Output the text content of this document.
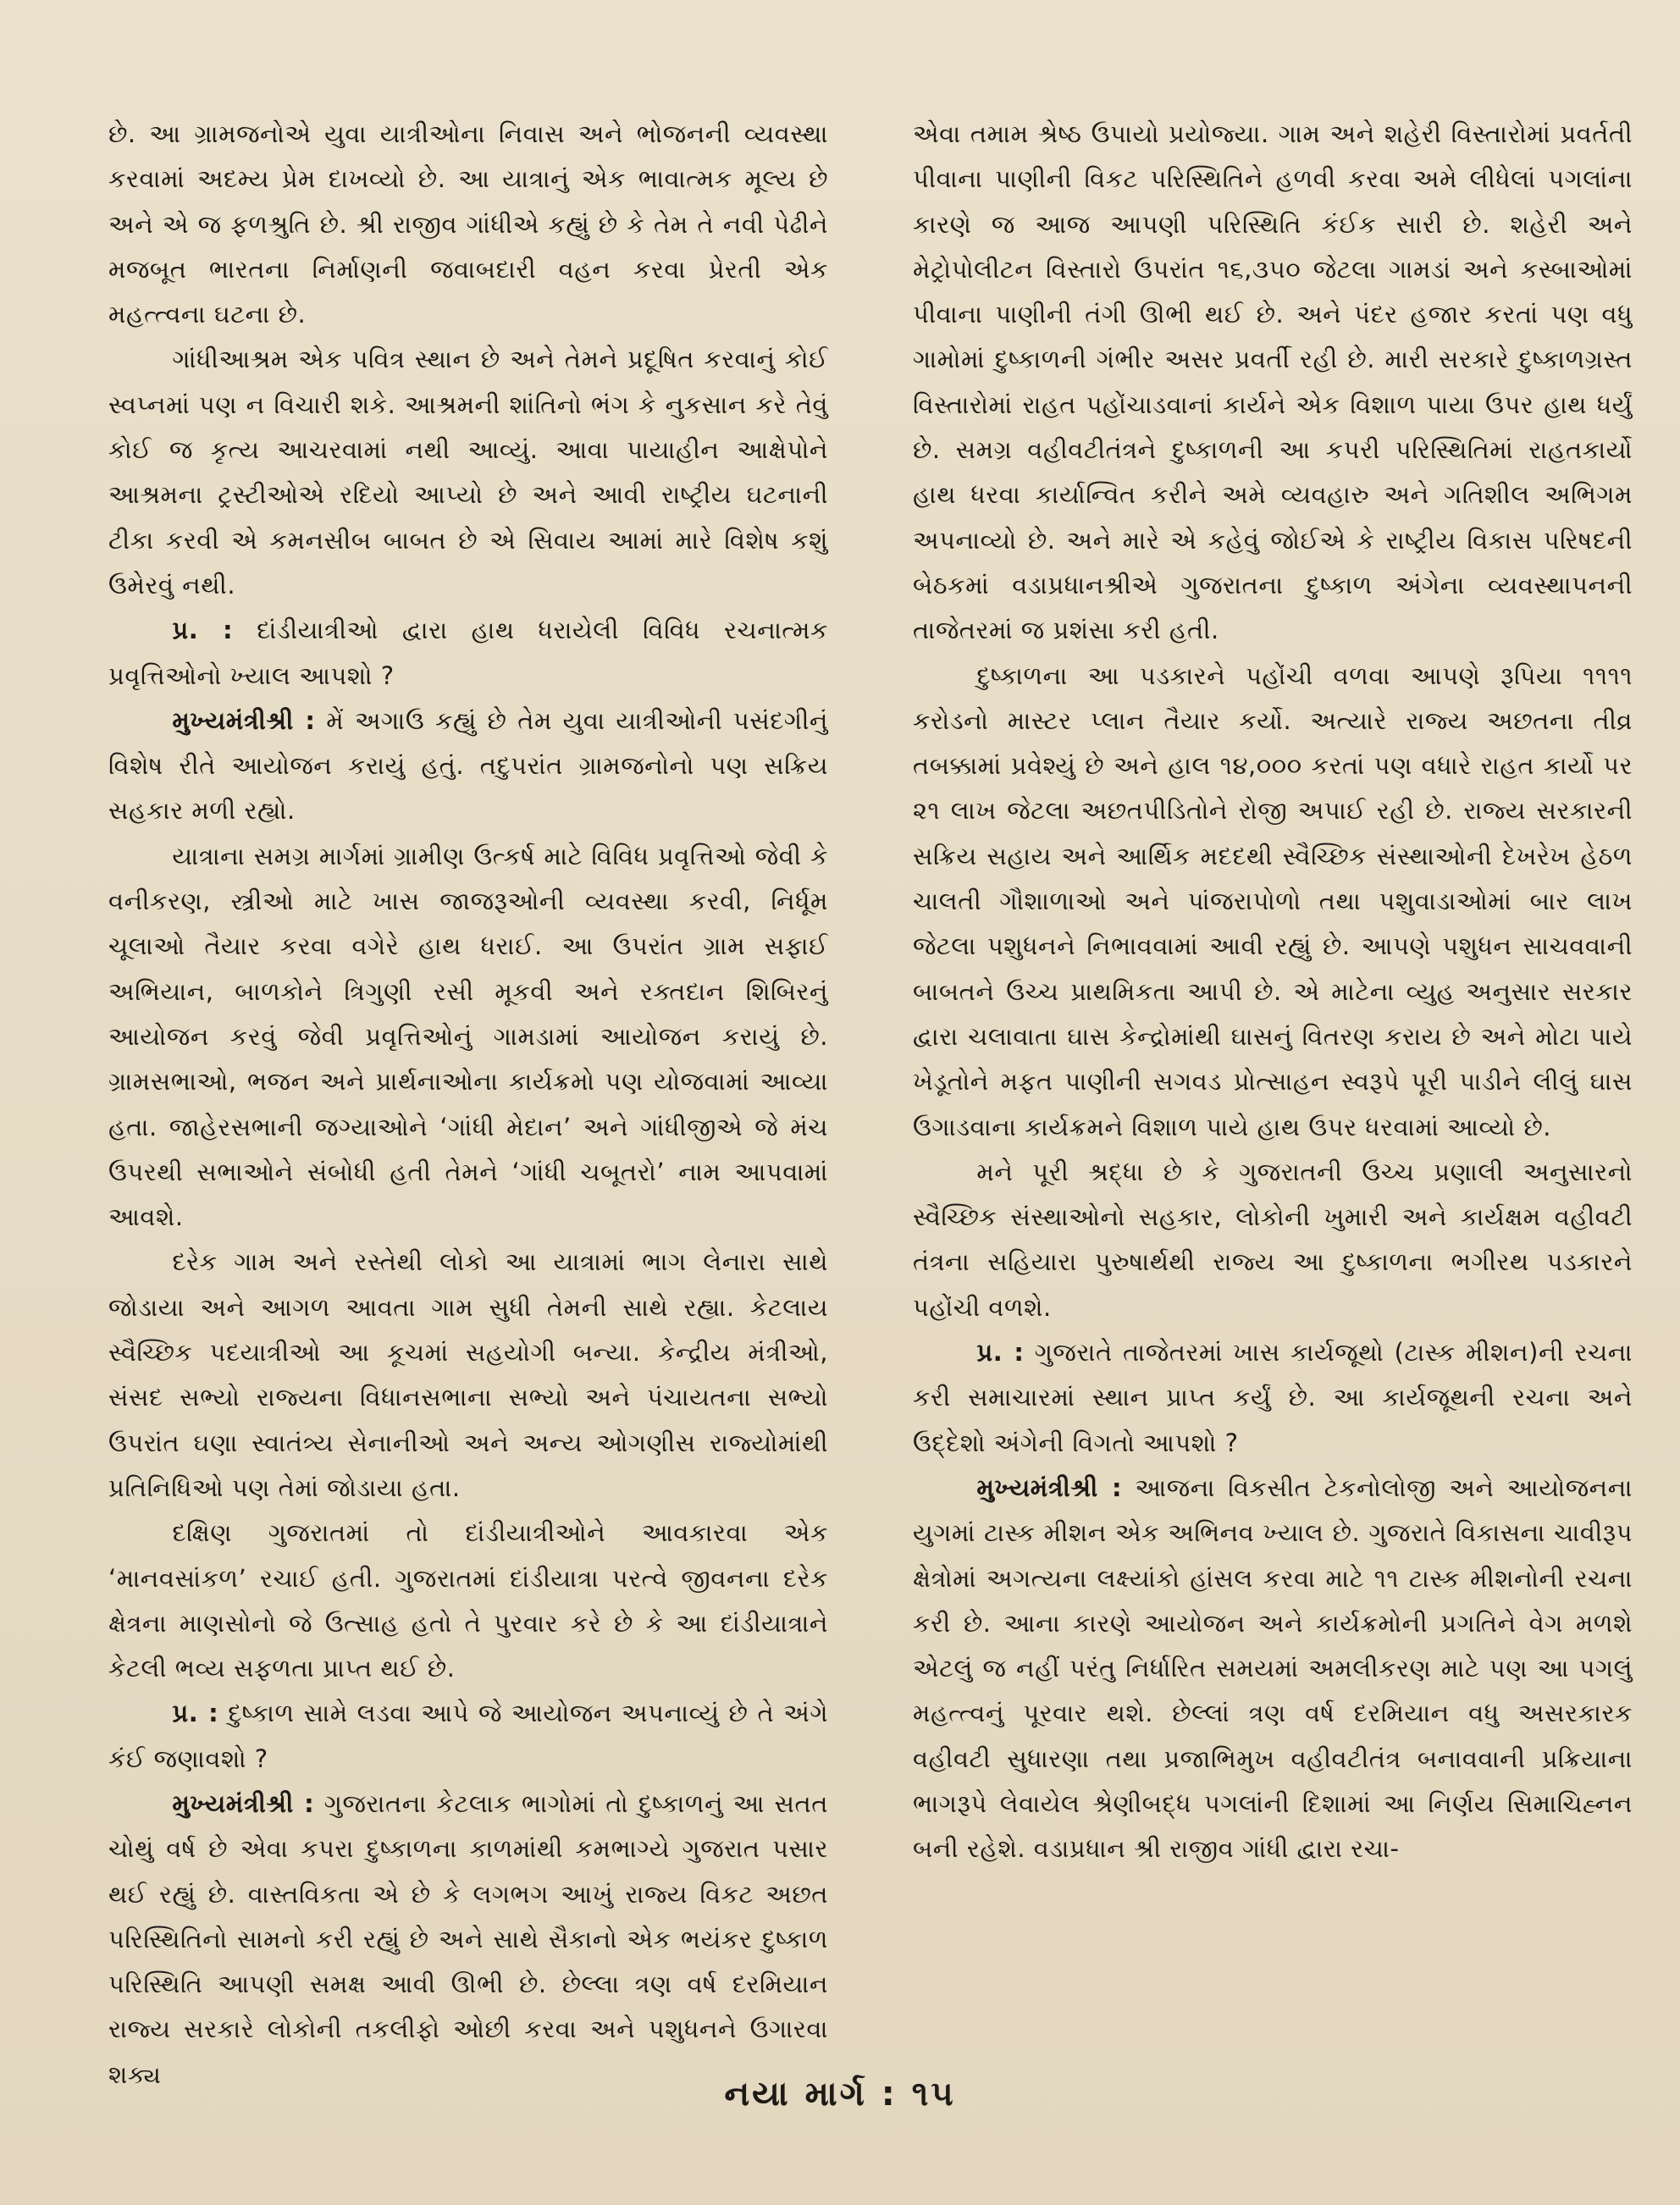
છે. આ ગ્રામજનોએ યુવા યાત્રીઓના નિવાસ અને ભોજનની વ્યવસ્થા કરવામાં અદમ્ય પ્રેમ દાખવ્યો છે. આ યાત્રાનું એક ભાવાત્મક મૂલ્ય છે અને એ જ ફળશ્રુતિ છે. શ્રી રાજીવ ગાંધીએ કહ્યું છે કે તેમ તે નવી પેઢીને મજબૂત ભારતના નિર્માણની જવાબદારી વહન કરવા પ્રેરતી એક મહત્ત્વના ઘટના છે.

ગાંધીઆશ્રમ એક પવિત્ર સ્થાન છે અને તેમને પ્રદૂષિત કરવાનું કોઈ સ્વપ્નમાં પણ ન વિચારી શકે. આશ્રમની શાંતિનો ભંગ કે નુકસાન કરે તેવું કોઈ જ કૃત્ય આચરવામાં નથી આવ્યું. આવા પાયાહીન આક્ષેપોને આશ્રમના ટ્રસ્ટીઓએ રદિયો આપ્યો છે અને આવી રાષ્ટ્રીય ઘટનાની ટીકા કરવી એ કમનસીબ બાબત છે એ સિવાય આમાં મારે વિશેષ કશું ઉમેરવું નથી.

પ્ર. : દાંડીયાત્રીઓ દ્વારા હાથ ધરાયેલી વિવિધ રચનાત્મક પ્રવૃત્તિઓનો ખ્યાલ આપશો ?

મુખ્યમંત્રીશ્રી : મેં અગાઉ કહ્યું છે તેમ યુવા યાત્રીઓની પસંદગીનું વિશેષ રીતે આયોજન કરાયું હતું. તદુપરાંત ગ્રામજનોનો પણ સક્રિય સહકાર મળી રહ્યો.

યાત્રાના સમગ્ર માર્ગમાં ગ્રામીણ ઉત્કર્ષ માટે વિવિધ પ્રવૃત્તિઓ જેવી કે વનીકરણ, સ્ત્રીઓ માટે ખાસ જાજરૂઓની વ્યવસ્થા કરવી, નિર્ધૂમ ચૂલાઓ તૈયાર કરવા વગેરે હાથ ધરાઈ. આ ઉપરાંત ગ્રામ સફાઈ અભિયાન, બાળકોને ત્રિગુણી રસી મૂકવી અને રક્તદાન શિબિરનું આયોજન કરવું જેવી પ્રવૃત્તિઓનું ગામડામાં આયોજન કરાયું છે. ગ્રામસભાઓ, ભજન અને પ્રાર્થનાઓના કાર્યક્રમો પણ યોજવામાં આવ્યા હતા. જાહેરસભાની જગ્યાઓને ‘ગાંધી મેદાન’ અને ગાંધીજીએ જે મંચ ઉપરથી સભાઓને સંબોધી હતી તેમને ‘ગાંધી ચબૂતરો’ નામ આપવામાં આવશે.

દરેક ગામ અને રસ્તેથી લોકો આ યાત્રામાં ભાગ લેનારા સાથે જોડાયા અને આગળ આવતા ગામ સુધી તેમની સાથે રહ્યા. કેટલાય સ્વૈચ્છિક પદયાત્રીઓ આ કૂચમાં સહયોગી બન્યા. કેન્દ્રીય મંત્રીઓ, સંસદ સભ્યો રાજ્યના વિધાનસભાના સભ્યો અને પંચાયતના સભ્યો ઉપરાંત ઘણા સ્વાતંત્ર્ય સેનાનીઓ અને અન્ય ઓગણીસ રાજ્યોમાંથી પ્રતિનિધિઓ પણ તેમાં જોડાયા હતા.

દક્ષિણ ગુજરાતમાં તો દાંડીયાત્રીઓને આવકારવા એક ‘માનવસાંકળ’ રચાઈ હતી. ગુજરાતમાં દાંડીયાત્રા પરત્વે જીવનના દરેક ક્ષેત્રના માણસોનો જે ઉત્સાહ હતો તે પુરવાર કરે છે કે આ દાંડીયાત્રાને કેટલી ભવ્ય સફળતા પ્રાપ્ત થઈ છે.

પ્ર. : દુષ્કાળ સામે લડવા આપે જે આયોજન અપનાવ્યું છે તે અંગે કંઈ જણાવશો ?

મુખ્યમંત્રીશ્રી : ગુજરાતના કેટલાક ભાગોમાં તો દુષ્કાળનું આ સતત ચોથું વર્ષ છે એવા કપરા દુષ્કાળના કાળમાંથી કમભાગ્યે ગુજરાત પસાર થઈ રહ્યું છે. વાસ્તવિકતા એ છે કે લગભગ આખું રાજ્ય વિકટ અછત પરિસ્થિતિનો સામનો કરી રહ્યું છે અને સાથે સૈકાનો એક ભયંકર દુષ્કાળ પરિસ્થિતિ આપણી સમક્ષ આવી ઊભી છે. છેલ્લા ત્રણ વર્ષ દરમિયાન રાજ્ય સરકારે લોકોની તકલીફો ઓછી કરવા અને પશુધનને ઉગારવા શક્ય

એવા તમામ શ્રેષ્ઠ ઉપાયો પ્રયોજ્યા. ગામ અને શહેરી વિસ્તારોમાં પ્રવર્તતી પીવાના પાણીની વિકટ પરિસ્થિતિને હળવી કરવા અમે લીધેલાં પગલાંના કારણે જ આજ આપણી પરિસ્થિતિ કંઈક સારી છે. શહેરી અને મેટ્રોપોલીટન વિસ્તારો ઉપરાંત ૧૬,૩૫૦ જેટલા ગામડાં અને કસ્બાઓમાં પીવાના પાણીની તંગી ઊભી થઈ છે. અને પંદર હજાર કરતાં પણ વધુ ગામોમાં દુષ્કાળની ગંભીર અસર પ્રવર્તી રહી છે. મારી સરકારે દુષ્કાળગ્રસ્ત વિસ્તારોમાં રાહત પહોંચાડવાનાં કાર્યને એક વિશાળ પાયા ઉપર હાથ ધર્યું છે. સમગ્ર વહીવટીતંત્રને દુષ્કાળની આ કપરી પરિસ્થિતિમાં રાહતકાર્યો હાથ ધરવા કાર્યાન્વિત કરીને અમે વ્યવહારુ અને ગતિશીલ અભિગમ અપનાવ્યો છે. અને મારે એ કહેવું જોઈએ કે રાષ્ટ્રીય વિકાસ પરિષદની બેઠકમાં વડાપ્રધાનશ્રીએ ગુજરાતના દુષ્કાળ અંગેના વ્યવસ્થાપનની તાજેતરમાં જ પ્રશંસા કરી હતી.

દુષ્કાળના આ પડકારને પહોંચી વળવા આપણે રૂપિયા ૧૧૧૧ કરોડનો માસ્ટર પ્લાન તૈયાર કર્યો. અત્યારે રાજ્ય અછતના તીવ્ર તબક્કામાં પ્રવેશ્યું છે અને હાલ ૧૪,૦૦૦ કરતાં પણ વધારે રાહત કાર્યો પર ૨૧ લાખ જેટલા અછતપીડિતોને રોજી અપાઈ રહી છે. રાજ્ય સરકારની સક્રિય સહાય અને આર્થિક મદદથી સ્વૈચ્છિક સંસ્થાઓની દેખરેખ હેઠળ ચાલતી ગૌશાળાઓ અને પાંજરાપોળો તથા પશુવાડાઓમાં બાર લાખ જેટલા પશુધનને નિભાવવામાં આવી રહ્યું છે. આપણે પશુધન સાચવવાની બાબતને ઉચ્ચ પ્રાથમિકતા આપી છે. એ માટેના વ્યુહ અનુસાર સરકાર દ્વારા ચલાવાતા ઘાસ કેન્દ્રોમાંથી ઘાસનું વિતરણ કરાય છે અને મોટા પાયે ખેડૂતોને મફત પાણીની સગવડ પ્રોત્સાહન સ્વરૂપે પૂરી પાડીને લીલું ઘાસ ઉગાડવાના કાર્યક્રમને વિશાળ પાયે હાથ ઉપર ધરવામાં આવ્યો છે.

મને પૂરી શ્રદ્ધા છે કે ગુજરાતની ઉચ્ચ પ્રણાલી અનુસારનો સ્વૈચ્છિક સંસ્થાઓનો સહકાર, લોકોની ખુમારી અને કાર્યક્ષમ વહીવટી તંત્રના સહિયારા પુરુષાર્થથી રાજ્ય આ દુષ્કાળના ભગીરથ પડકારને પહોંચી વળશે.

પ્ર. : ગુજરાતે તાજેતરમાં ખાસ કાર્યજૂથો (ટાસ્ક મીશન)ની રચના કરી સમાચારમાં સ્થાન પ્રાપ્ત કર્યું છે. આ કાર્યજૂથની રચના અને ઉદ્દેશો અંગેની વિગતો આપશો ?

મુખ્યમંત્રીશ્રી : આજના વિકસીત ટેકનોલોજી અને આયોજનના યુગમાં ટાસ્ક મીશન એક અભિનવ ખ્યાલ છે. ગુજરાતે વિકાસના ચાવીરૂપ ક્ષેત્રોમાં અગત્યના લક્ષ્યાંકો હાંસલ કરવા માટે ૧૧ ટાસ્ક મીશનોની રચના કરી છે. આના કારણે આયોજન અને કાર્યક્રમોની પ્રગતિને વેગ મળશે એટલું જ નહીં પરંતુ નિર્ધારિત સમયમાં અમલીકરણ માટે પણ આ પગલું મહત્ત્વનું પૂરવાર થશે. છેલ્લાં ત્રણ વર્ષ દરમિયાન વધુ અસરકારક વહીવટી સુધારણા તથા પ્રજાભિમુખ વહીવટીતંત્ર બનાવવાની પ્રક્રિયાના ભાગરૂપે લેવાયેલ શ્રેણીબદ્ધ પગલાંની દિશામાં આ નિર્ણય સિમાચિહ્નન બની રહેશે. વડાપ્રધાન શ્રી રાજીવ ગાંધી દ્વારા રચા-

નયા માર્ગ : ૧૫
